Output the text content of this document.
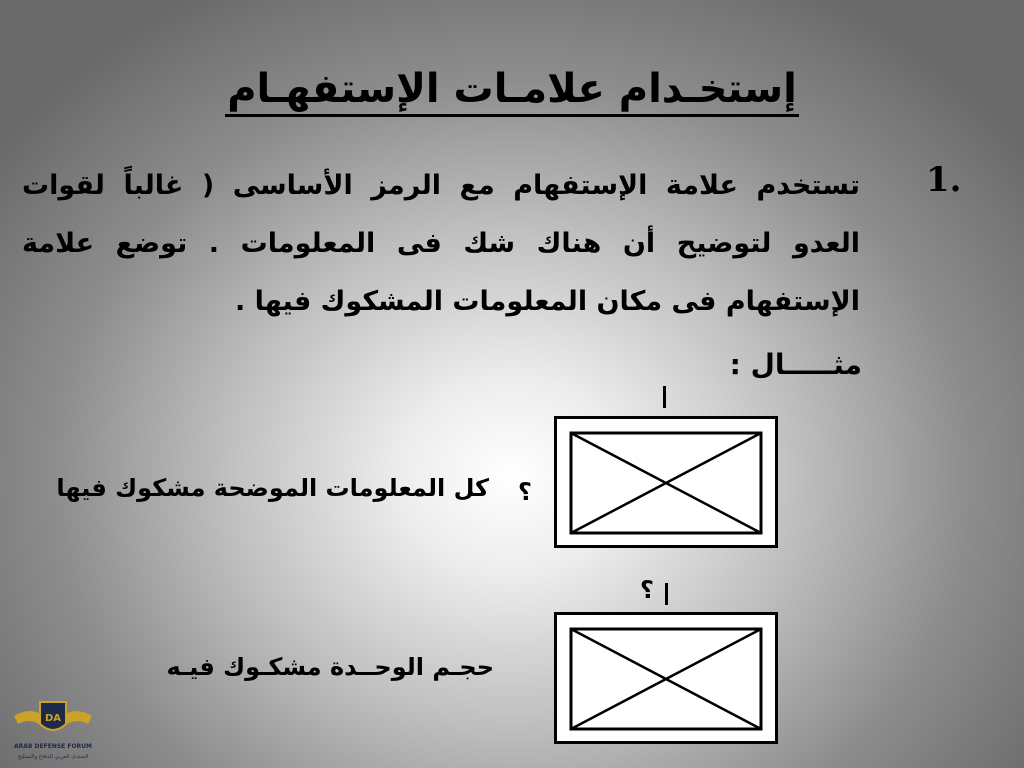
إستخـدام علامـات الإستفهـام
1.
تستخدم علامة الإستفهام مع الرمز الأساسى ( غالباً لقوات العدو لتوضيح أن هناك شك فى المعلومات . توضع علامة الإستفهام فى مكان المعلومات المشكوك فيها .
مثـــــال :
كل المعلومات الموضحة مشكوك فيها ؟
؟
حجـم الوحــدة مشكـوك فيـه
DA
ARAB DEFENSE FORUM
المنتدى العربي للدفاع والتسليح
